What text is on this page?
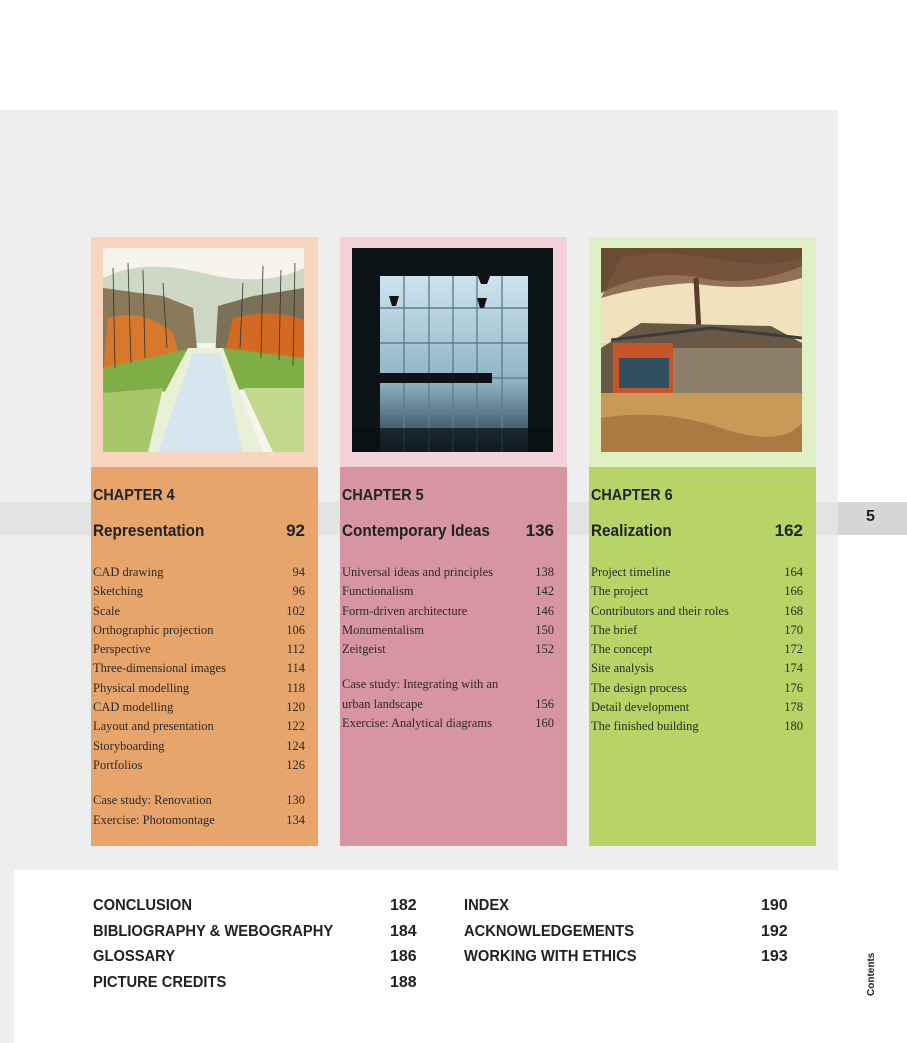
5
CHAPTER 4
Representation	92
CAD drawing	94
Sketching	96
Scale	102
Orthographic projection	106
Perspective	112
Three-dimensional images	114
Physical modelling	118
CAD modelling	120
Layout and presentation	122
Storyboarding	124
Portfolios	126
Case study: Renovation	130
Exercise: Photomontage	134
CHAPTER 5
Contemporary Ideas 136
Universal ideas and principles	138
Functionalism	142
Form-driven architecture	146
Monumentalism	150
Zeitgeist	152
Case study: Integrating with an
urban landscape	156
Exercise: Analytical diagrams	160
CHAPTER 6
Realization	162
Project timeline	164
The project	166
Contributors and their roles	168
The brief	170
The concept	172
Site analysis	174
The design process	176
Detail development	178
The finished building	180
CONCLUSION	182
BIBLIOGRAPHY & WEBOGRAPHY	184
GLOSSARY	186
PICTURE CREDITS	188
INDEX	190
ACKNOWLEDGEMENTS	192
WORKING WITH ETHICS	193	Contents
